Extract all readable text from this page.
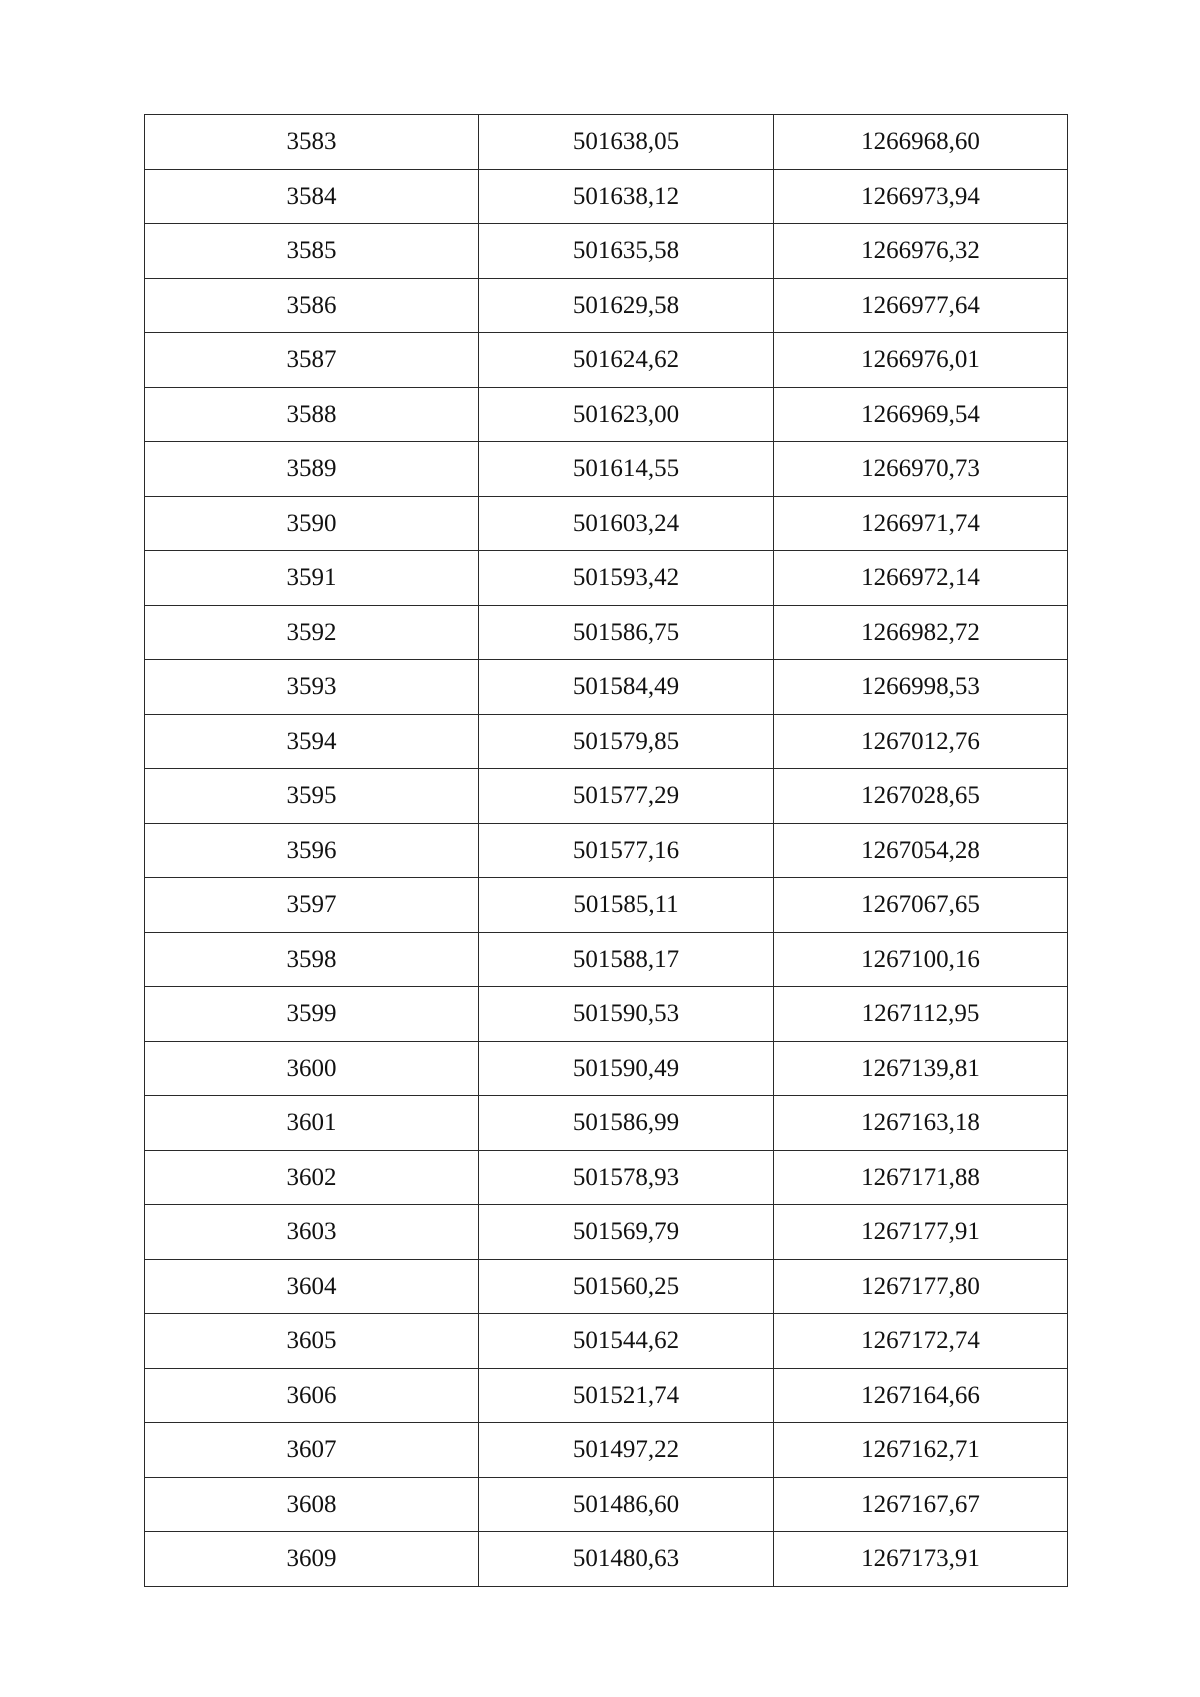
3583	501638,05	1266968,60
3584	501638,12	1266973,94
3585	501635,58	1266976,32
3586	501629,58	1266977,64
3587	501624,62	1266976,01
3588	501623,00	1266969,54
3589	501614,55	1266970,73
3590	501603,24	1266971,74
3591	501593,42	1266972,14
3592	501586,75	1266982,72
3593	501584,49	1266998,53
3594	501579,85	1267012,76
3595	501577,29	1267028,65
3596	501577,16	1267054,28
3597	501585,11	1267067,65
3598	501588,17	1267100,16
3599	501590,53	1267112,95
3600	501590,49	1267139,81
3601	501586,99	1267163,18
3602	501578,93	1267171,88
3603	501569,79	1267177,91
3604	501560,25	1267177,80
3605	501544,62	1267172,74
3606	501521,74	1267164,66
3607	501497,22	1267162,71
3608	501486,60	1267167,67
3609	501480,63	1267173,91
